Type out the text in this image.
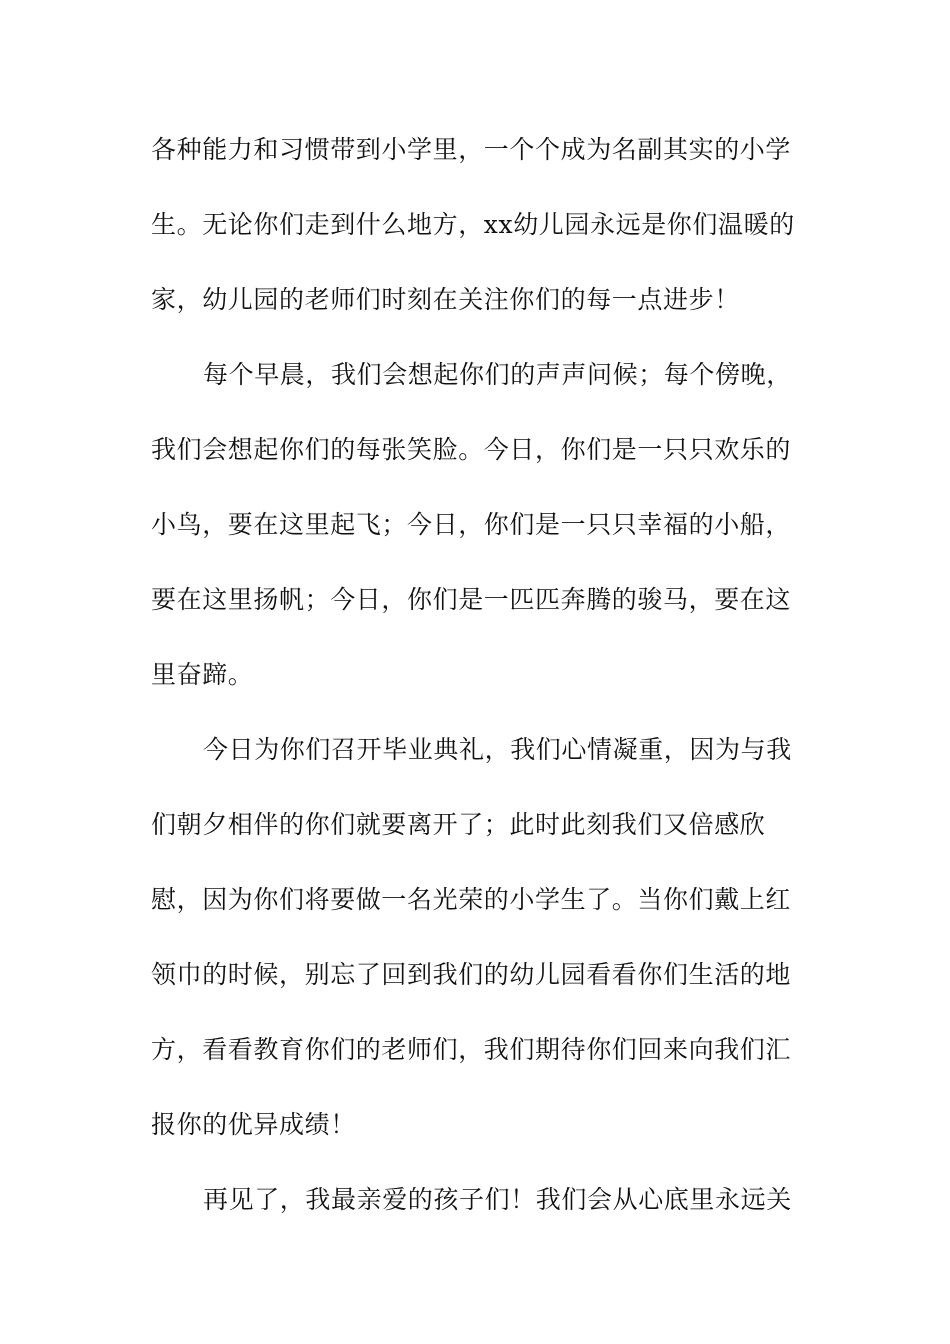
各种能力和习惯带到小学里，一个个成为名副其实的小学
生。无论你们走到什么地方，xx幼儿园永远是你们温暖的
家，幼儿园的老师们时刻在关注你们的每一点进步！
每个早晨，我们会想起你们的声声问候；每个傍晚，
我们会想起你们的每张笑脸。今日，你们是一只只欢乐的
小鸟，要在这里起飞；今日，你们是一只只幸福的小船，
要在这里扬帆；今日，你们是一匹匹奔腾的骏马，要在这
里奋蹄。
今日为你们召开毕业典礼，我们心情凝重，因为与我
们朝夕相伴的你们就要离开了；此时此刻我们又倍感欣
慰，因为你们将要做一名光荣的小学生了。当你们戴上红
领巾的时候，别忘了回到我们的幼儿园看看你们生活的地
方，看看教育你们的老师们，我们期待你们回来向我们汇
报你的优异成绩！
再见了，我最亲爱的孩子们！我们会从心底里永远关
